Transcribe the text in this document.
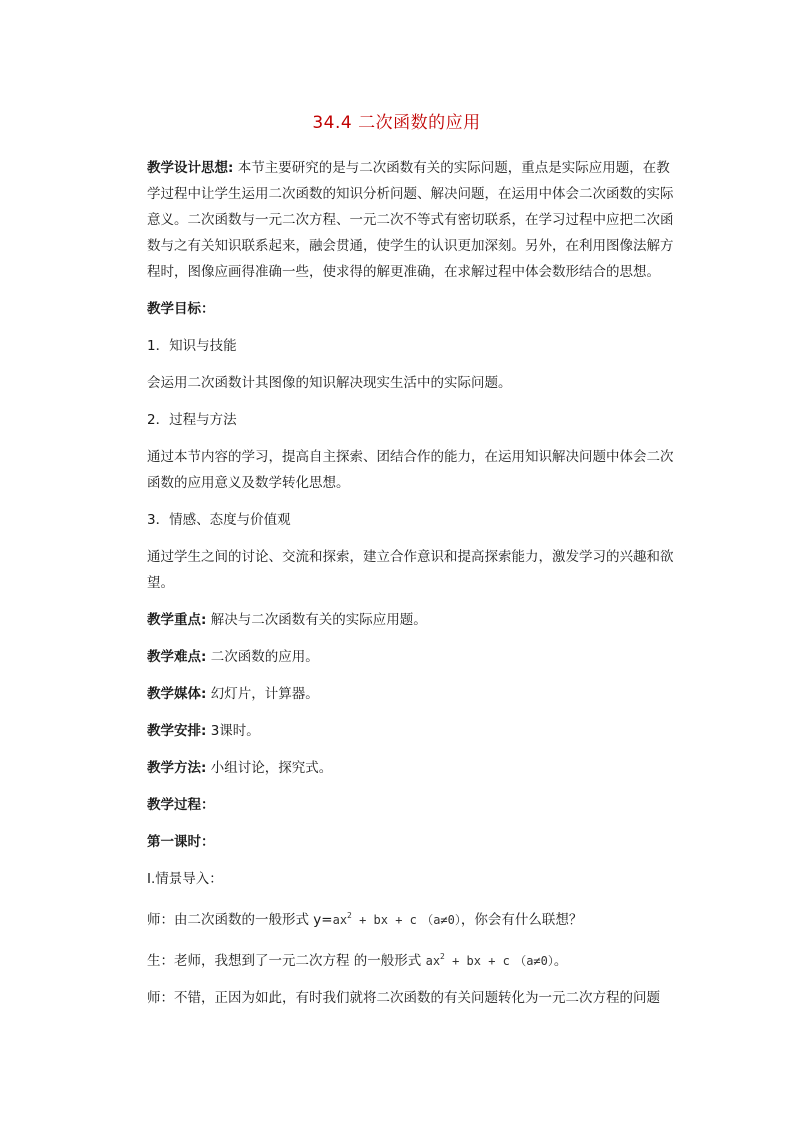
34.4 二次函数的应用

教学设计思想: 本节主要研究的是与二次函数有关的实际问题，重点是实际应用题，在教学过程中让学生运用二次函数的知识分析问题、解决问题，在运用中体会二次函数的实际意义。二次函数与一元二次方程、一元二次不等式有密切联系，在学习过程中应把二次函数与之有关知识联系起来，融会贯通，使学生的认识更加深刻。另外，在利用图像法解方程时，图像应画得准确一些，使求得的解更准确，在求解过程中体会数形结合的思想。

教学目标：

1．知识与技能

会运用二次函数计其图像的知识解决现实生活中的实际问题。

2．过程与方法

通过本节内容的学习，提高自主探索、团结合作的能力，在运用知识解决问题中体会二次函数的应用意义及数学转化思想。

3．情感、态度与价值观

通过学生之间的讨论、交流和探索，建立合作意识和提高探索能力，激发学习的兴趣和欲望。

教学重点: 解决与二次函数有关的实际应用题。

教学难点: 二次函数的应用。

教学媒体: 幻灯片，计算器。

教学安排: 3课时。

教学方法: 小组讨论，探究式。

教学过程：

第一课时：

Ⅰ.情景导入：

师：由二次函数的一般形式 $y=ax^2$ + bx + c （a≠0），你会有什么联想？

生：老师，我想到了一元二次方程 的一般形式 $ax^2$ + bx + c （a≠0）。

师：不错，正因为如此，有时我们就将二次函数的有关问题转化为一元二次方程的问题
